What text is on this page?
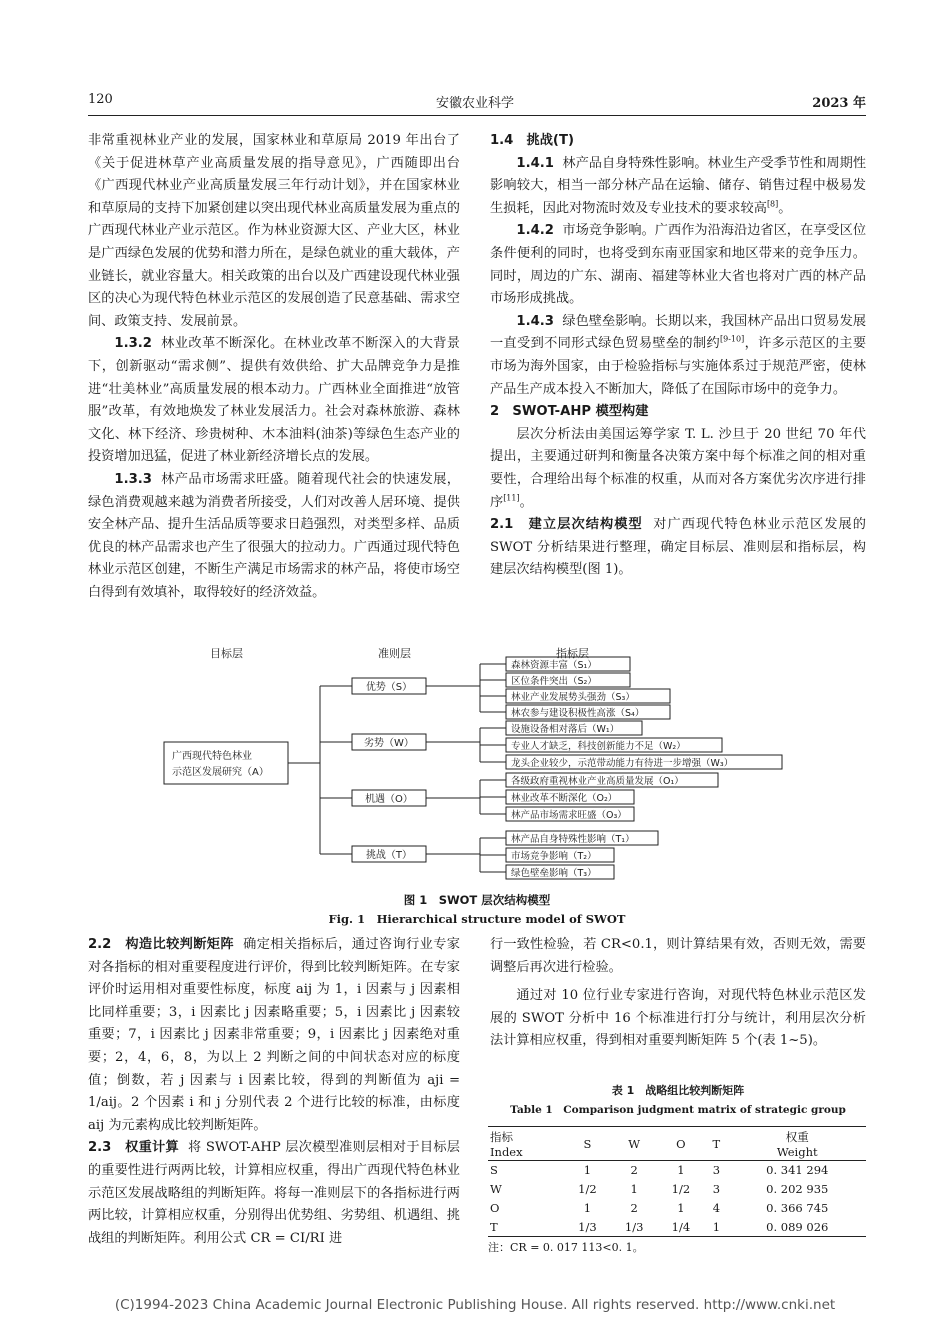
120	安徽农业科学	2023 年

非常重视林业产业的发展，国家林业和草原局 2019 年出台了《关于促进林草产业高质量发展的指导意见》，广西随即出台《广西现代林业产业高质量发展三年行动计划》，并在国家林业和草原局的支持下加紧创建以突出现代林业高质量发展为重点的广西现代林业产业示范区。作为林业资源大区、产业大区，林业是广西绿色发展的优势和潜力所在，是绿色就业的重大载体，产业链长，就业容量大。相关政策的出台以及广西建设现代林业强区的决心为现代特色林业示范区的发展创造了民意基础、需求空间、政策支持、发展前景。

1.3.2 林业改革不断深化。在林业改革不断深入的大背景下，创新驱动“需求侧”、提供有效供给、扩大品牌竞争力是推进“壮美林业”高质量发展的根本动力。广西林业全面推进“放管服”改革，有效地焕发了林业发展活力。社会对森林旅游、森林文化、林下经济、珍贵树种、木本油料(油茶)等绿色生态产业的投资增加迅猛，促进了林业新经济增长点的发展。

1.3.3 林产品市场需求旺盛。随着现代社会的快速发展，绿色消费观越来越为消费者所接受，人们对改善人居环境、提供安全林产品、提升生活品质等要求日趋强烈，对类型多样、品质优良的林产品需求也产生了很强大的拉动力。广西通过现代特色林业示范区创建，不断生产满足市场需求的林产品，将使市场空白得到有效填补，取得较好的经济效益。

1.4　挑战(T)

1.4.1 林产品自身特殊性影响。林业生产受季节性和周期性影响较大，相当一部分林产品在运输、储存、销售过程中极易发生损耗，因此对物流时效及专业技术的要求较高[8]。

1.4.2 市场竞争影响。广西作为沿海沿边省区，在享受区位条件便利的同时，也将受到东南亚国家和地区带来的竞争压力。同时，周边的广东、湖南、福建等林业大省也将对广西的林产品市场形成挑战。

1.4.3 绿色壁垒影响。长期以来，我国林产品出口贸易发展一直受到不同形式绿色贸易壁垒的制约[9-10]，许多示范区的主要市场为海外国家，由于检验指标与实施体系过于规范严密，使林产品生产成本投入不断加大，降低了在国际市场中的竞争力。

2　SWOT-AHP 模型构建

层次分析法由美国运筹学家 T. L. 沙旦于 20 世纪 70 年代提出，主要通过研判和衡量各决策方案中每个标准之间的相对重要性，合理给出每个标准的权重，从而对各方案优劣次序进行排序[11]。

2.1　建立层次结构模型 对广西现代特色林业示范区发展的 SWOT 分析结果进行整理，确定目标层、准则层和指标层，构建层次结构模型(图 1)。

目标层	准则层	指标层
广西现代特色林业
示范区发展研究（A）
优势（S）
劣势（W）
机遇（O）
挑战（T）
森林资源丰富（S₁）
区位条件突出（S₂）
林业产业发展势头强劲（S₃）
林农参与建设积极性高涨（S₄）
设施设备相对落后（W₁）
专业人才缺乏，科技创新能力不足（W₂）
龙头企业较少，示范带动能力有待进一步增强（W₃）
各级政府重视林业产业高质量发展（O₁）
林业改革不断深化（O₂）
林产品市场需求旺盛（O₃）
林产品自身特殊性影响（T₁）
市场竞争影响（T₂）
绿色壁垒影响（T₃）
图 1　SWOT 层次结构模型
Fig. 1　Hierarchical structure model of SWOT

2.2　构造比较判断矩阵 确定相关指标后，通过咨询行业专家对各指标的相对重要程度进行评价，得到比较判断矩阵。在专家评价时运用相对重要性标度，标度 aij 为 1，i 因素与 j 因素相比同样重要；3，i 因素比 j 因素略重要；5，i 因素比 j 因素较重要；7，i 因素比 j 因素非常重要；9，i 因素比 j 因素绝对重要；2，4，6，8，为以上 2 判断之间的中间状态对应的标度值；倒数，若 j 因素与 i 因素比较，得到的判断值为 aji = 1/aij。2 个因素 i 和 j 分别代表 2 个进行比较的标准，由标度 aij 为元素构成比较判断矩阵。

2.3　权重计算 将 SWOT-AHP 层次模型准则层相对于目标层的重要性进行两两比较，计算相应权重，得出广西现代特色林业示范区发展战略组的判断矩阵。将每一准则层下的各指标进行两两比较，计算相应权重，分别得出优势组、劣势组、机遇组、挑战组的判断矩阵。利用公式 CR = CI/RI 进

行一致性检验，若 CR<0.1，则计算结果有效，否则无效，需要调整后再次进行检验。

通过对 10 位行业专家进行咨询，对现代特色林业示范区发展的 SWOT 分析中 16 个标准进行打分与统计，利用层次分析法计算相应权重，得到相对重要判断矩阵 5 个(表 1~5)。

表 1　战略组比较判断矩阵
Table 1　Comparison judgment matrix of strategic group
指标
Index	S	W	O	T	权重
Weight
S	1	2	1	3	0. 341 294
W	1/2	1	1/2	3	0. 202 935
O	1	2	1	4	0. 366 745
T	1/3	1/3	1/4	1	0. 089 026
注：CR = 0. 017 113<0. 1。
(C)1994-2023 China Academic Journal Electronic Publishing House. All rights reserved. http://www.cnki.net
